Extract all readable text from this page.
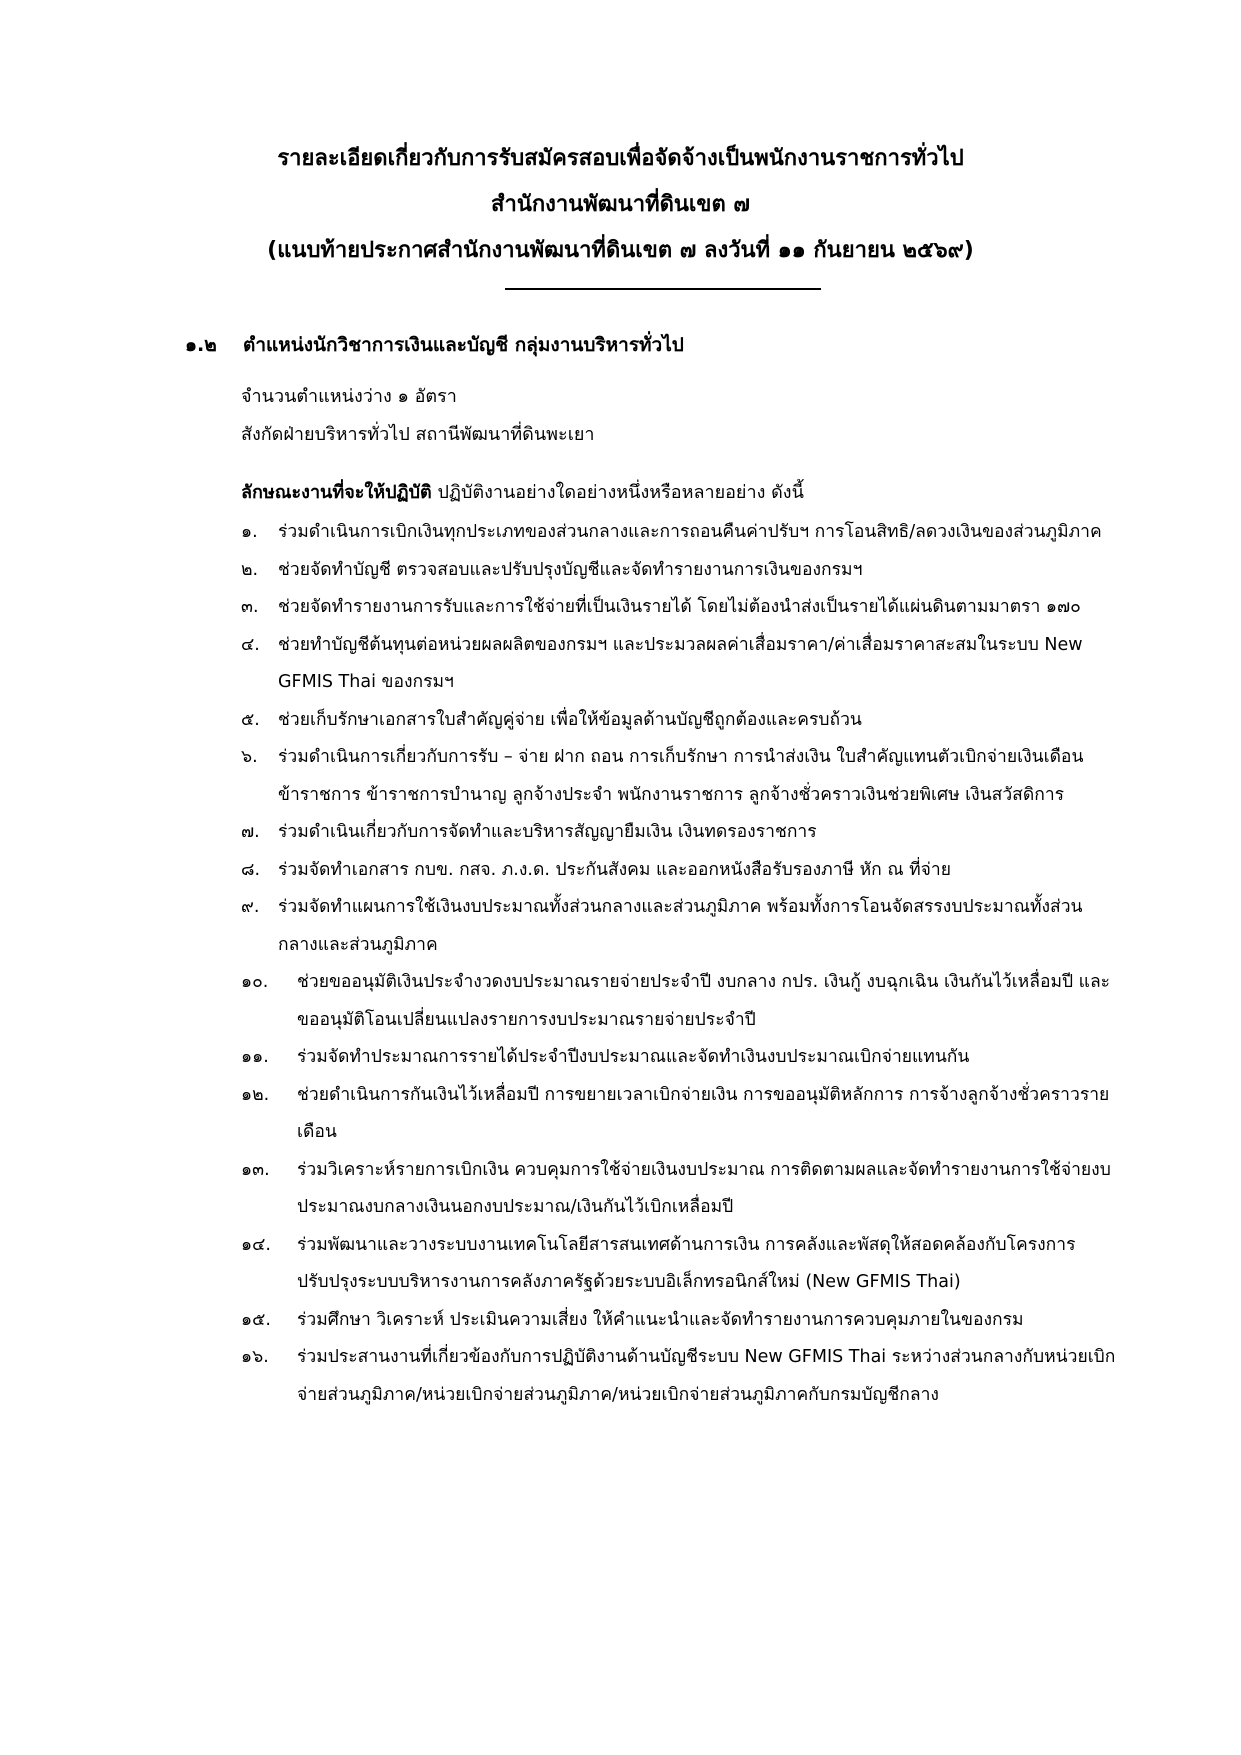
รายละเอียดเกี่ยวกับการรับสมัครสอบเพื่อจัดจ้างเป็นพนักงานราชการทั่วไป

สำนักงานพัฒนาที่ดินเขต ๗

(แนบท้ายประกาศสำนักงานพัฒนาที่ดินเขต ๗ ลงวันที่ ๑๑ กันยายน ๒๕๖๙)

๑.๒ ตำแหน่งนักวิชาการเงินและบัญชี กลุ่มงานบริหารทั่วไป
จำนวนตำแหน่งว่าง ๑ อัตรา
สังกัดฝ่ายบริหารทั่วไป สถานีพัฒนาที่ดินพะเยา
ลักษณะงานที่จะให้ปฏิบัติ ปฏิบัติงานอย่างใดอย่างหนึ่งหรือหลายอย่าง ดังนี้
๑.	ร่วมดำเนินการเบิกเงินทุกประเภทของส่วนกลางและการถอนคืนค่าปรับฯ การโอนสิทธิ/ลดวงเงินของส่วนภูมิภาค
๒.	ช่วยจัดทำบัญชี ตรวจสอบและปรับปรุงบัญชีและจัดทำรายงานการเงินของกรมฯ
๓.	ช่วยจัดทำรายงานการรับและการใช้จ่ายที่เป็นเงินรายได้ โดยไม่ต้องนำส่งเป็นรายได้แผ่นดินตามมาตรา ๑๗๐
๔.	ช่วยทำบัญชีต้นทุนต่อหน่วยผลผลิตของกรมฯ และประมวลผลค่าเสื่อมราคา/ค่าเสื่อมราคาสะสมในระบบ New GFMIS Thai ของกรมฯ
๕.	ช่วยเก็บรักษาเอกสารใบสำคัญคู่จ่าย เพื่อให้ข้อมูลด้านบัญชีถูกต้องและครบถ้วน
๖.	ร่วมดำเนินการเกี่ยวกับการรับ – จ่าย ฝาก ถอน การเก็บรักษา การนำส่งเงิน ใบสำคัญแทนตัวเบิกจ่ายเงินเดือนข้าราชการ ข้าราชการบำนาญ ลูกจ้างประจำ พนักงานราชการ ลูกจ้างชั่วคราวเงินช่วยพิเศษ เงินสวัสดิการ
๗.	ร่วมดำเนินเกี่ยวกับการจัดทำและบริหารสัญญายืมเงิน เงินทดรองราชการ
๘.	ร่วมจัดทำเอกสาร กบข. กสจ. ภ.ง.ด. ประกันสังคม และออกหนังสือรับรองภาษี หัก ณ ที่จ่าย
๙.	ร่วมจัดทำแผนการใช้เงินงบประมาณทั้งส่วนกลางและส่วนภูมิภาค พร้อมทั้งการโอนจัดสรรงบประมาณทั้งส่วนกลางและส่วนภูมิภาค
๑๐.	ช่วยขออนุมัติเงินประจำงวดงบประมาณรายจ่ายประจำปี งบกลาง กปร. เงินกู้ งบฉุกเฉิน เงินกันไว้เหลื่อมปี และขออนุมัติโอนเปลี่ยนแปลงรายการงบประมาณรายจ่ายประจำปี
๑๑.	ร่วมจัดทำประมาณการรายได้ประจำปีงบประมาณและจัดทำเงินงบประมาณเบิกจ่ายแทนกัน
๑๒.	ช่วยดำเนินการกันเงินไว้เหลื่อมปี การขยายเวลาเบิกจ่ายเงิน การขออนุมัติหลักการ การจ้างลูกจ้างชั่วคราวรายเดือน
๑๓.	ร่วมวิเคราะห์รายการเบิกเงิน ควบคุมการใช้จ่ายเงินงบประมาณ การติดตามผลและจัดทำรายงานการใช้จ่ายงบประมาณงบกลางเงินนอกงบประมาณ/เงินกันไว้เบิกเหลื่อมปี
๑๔.	ร่วมพัฒนาและวางระบบงานเทคโนโลยีสารสนเทศด้านการเงิน การคลังและพัสดุให้สอดคล้องกับโครงการปรับปรุงระบบบริหารงานการคลังภาครัฐด้วยระบบอิเล็กทรอนิกส์ใหม่ (New GFMIS Thai)
๑๕.	ร่วมศึกษา วิเคราะห์ ประเมินความเสี่ยง ให้คำแนะนำและจัดทำรายงานการควบคุมภายในของกรม
๑๖.	ร่วมประสานงานที่เกี่ยวข้องกับการปฏิบัติงานด้านบัญชีระบบ New GFMIS Thai ระหว่างส่วนกลางกับหน่วยเบิกจ่ายส่วนภูมิภาค/หน่วยเบิกจ่ายส่วนภูมิภาค/หน่วยเบิกจ่ายส่วนภูมิภาคกับกรมบัญชีกลาง
